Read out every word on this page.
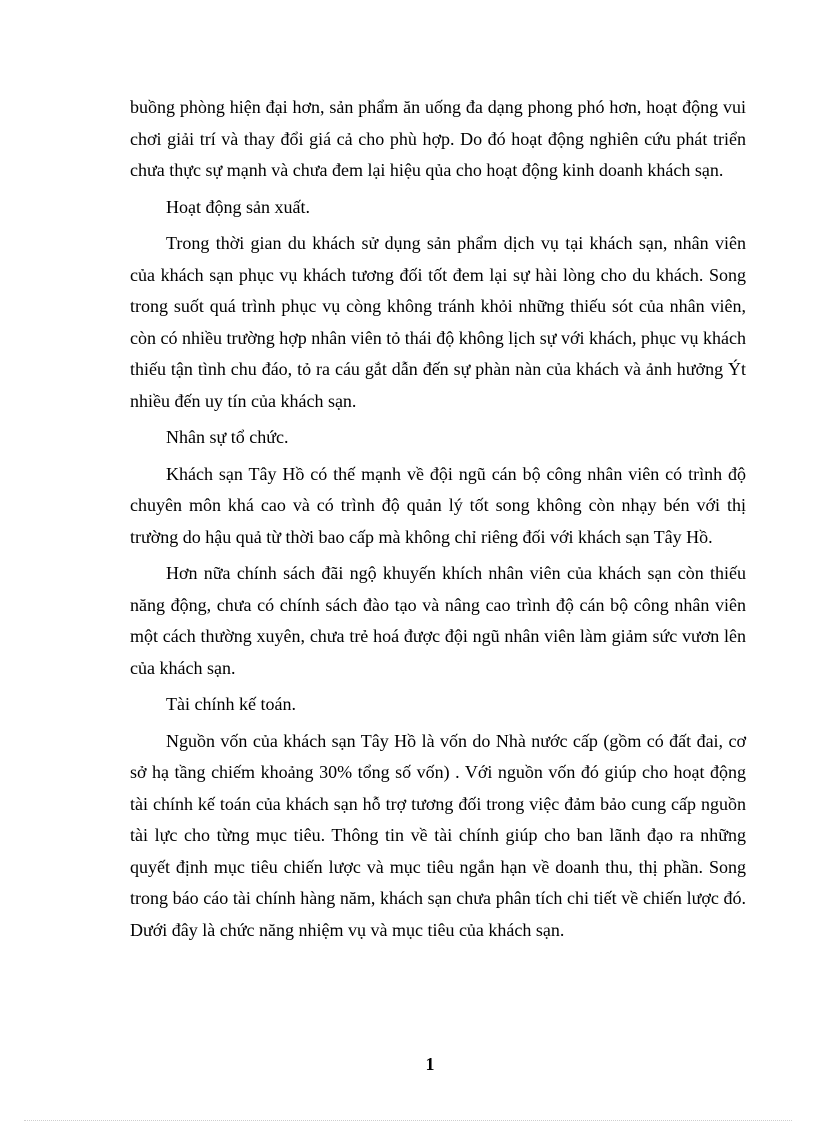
buồng phòng hiện đại hơn, sản phẩm ăn uống đa dạng phong phó hơn, hoạt động vui chơi giải trí và thay đổi giá cả cho phù hợp. Do đó hoạt động nghiên cứu phát triển chưa thực sự mạnh và chưa đem lại hiệu qủa cho hoạt động kinh doanh khách sạn.

Hoạt động sản xuất.

Trong thời gian du khách sử dụng sản phẩm dịch vụ tại khách sạn, nhân viên của khách sạn phục vụ khách tương đối tốt đem lại sự hài lòng cho du khách. Song trong suốt quá trình phục vụ còng không tránh khỏi những thiếu sót của nhân viên, còn có nhiều trường hợp nhân viên tỏ thái độ không lịch sự với khách, phục vụ khách thiếu tận tình chu đáo, tỏ ra cáu gắt dẫn đến sự phàn nàn của khách và ảnh hưởng Ýt nhiều đến uy tín của khách sạn.

Nhân sự tổ chức.

Khách sạn Tây Hồ có thế mạnh về đội ngũ cán bộ công nhân viên có trình độ chuyên môn khá cao và có trình độ quản lý tốt song không còn nhạy bén với thị trường do hậu quả từ thời bao cấp mà không chỉ riêng đối với khách sạn Tây Hồ.

Hơn nữa chính sách đãi ngộ khuyến khích nhân viên của khách sạn còn thiếu năng động, chưa có chính sách đào tạo và nâng cao trình độ cán bộ công nhân viên một cách thường xuyên, chưa trẻ hoá được đội ngũ nhân viên làm giảm sức vươn lên của khách sạn.

Tài chính kế toán.

Nguồn vốn của khách sạn Tây Hồ là vốn do Nhà nước cấp (gồm có đất đai, cơ sở hạ tầng chiếm khoảng 30% tổng số vốn) . Với nguồn vốn đó giúp cho hoạt động tài chính kế toán của khách sạn hỗ trợ tương đối trong việc đảm bảo cung cấp nguồn tài lực cho từng mục tiêu. Thông tin về tài chính giúp cho ban lãnh đạo ra những quyết định mục tiêu chiến lược và mục tiêu ngắn hạn về doanh thu, thị phần. Song trong báo cáo tài chính hàng năm, khách sạn chưa phân tích chi tiết về chiến lược đó. Dưới đây là chức năng nhiệm vụ và mục tiêu của khách sạn.

1
